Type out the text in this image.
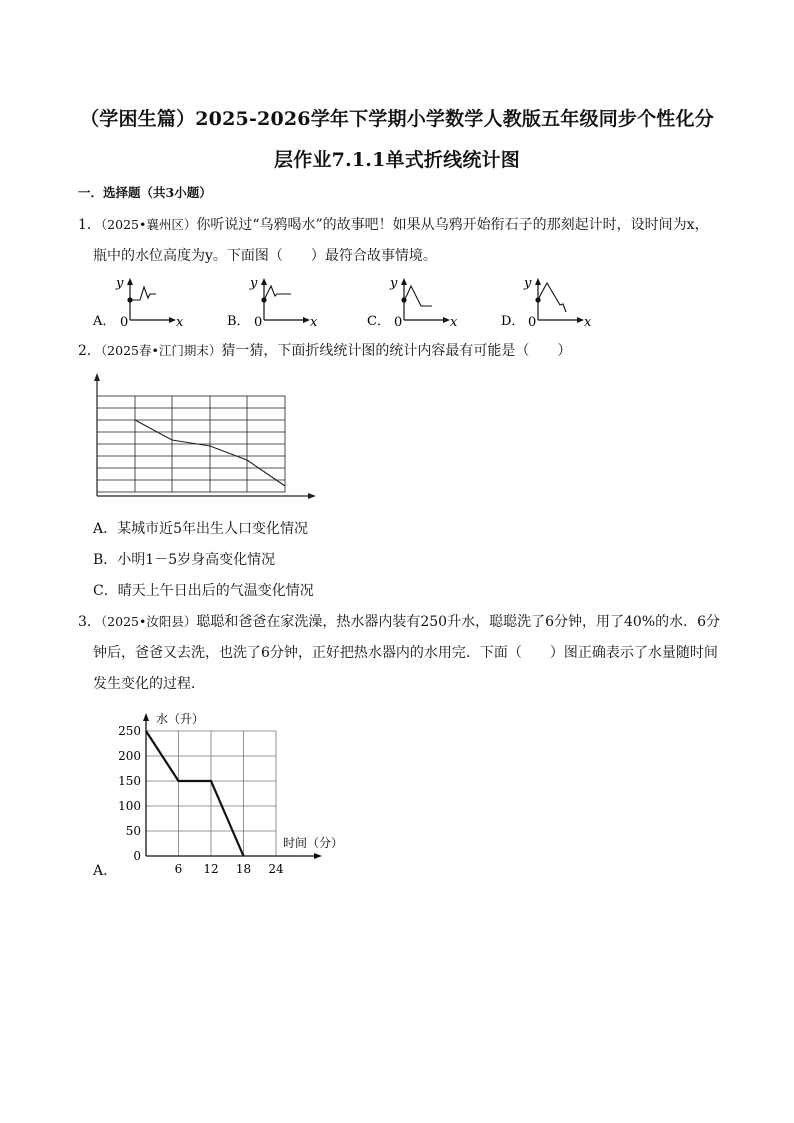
（学困生篇）2025-2026学年下学期小学数学人教版五年级同步个性化分
层作业7.1.1单式折线统计图
一．选择题（共3小题）
1．（2025•襄州区）你听说过“乌鸦喝水”的故事吧！如果从乌鸦开始衔石子的那刻起计时，设时间为x，
瓶中的水位高度为y。下面图（　　）最符合故事情境。
A． 0	x
y
B． 0	x
y
C． 0	x
y
D． 0	x
y
2．（2025春•江门期末）猜一猜，下面折线统计图的统计内容最有可能是（　　）
A．某城市近5年出生人口变化情况
B．小明1－5岁身高变化情况
C．晴天上午日出后的气温变化情况
3．（2025•汝阳县）聪聪和爸爸在家洗澡，热水器内装有250升水，聪聪洗了6分钟，用了40%的水．6分
钟后，爸爸又去洗，也洗了6分钟，正好把热水器内的水用完．下面（　　）图正确表示了水量随时间
发生变化的过程．
A．
0
50
100
150
200
250
6 12 18 24
水（升）
时间（分）
